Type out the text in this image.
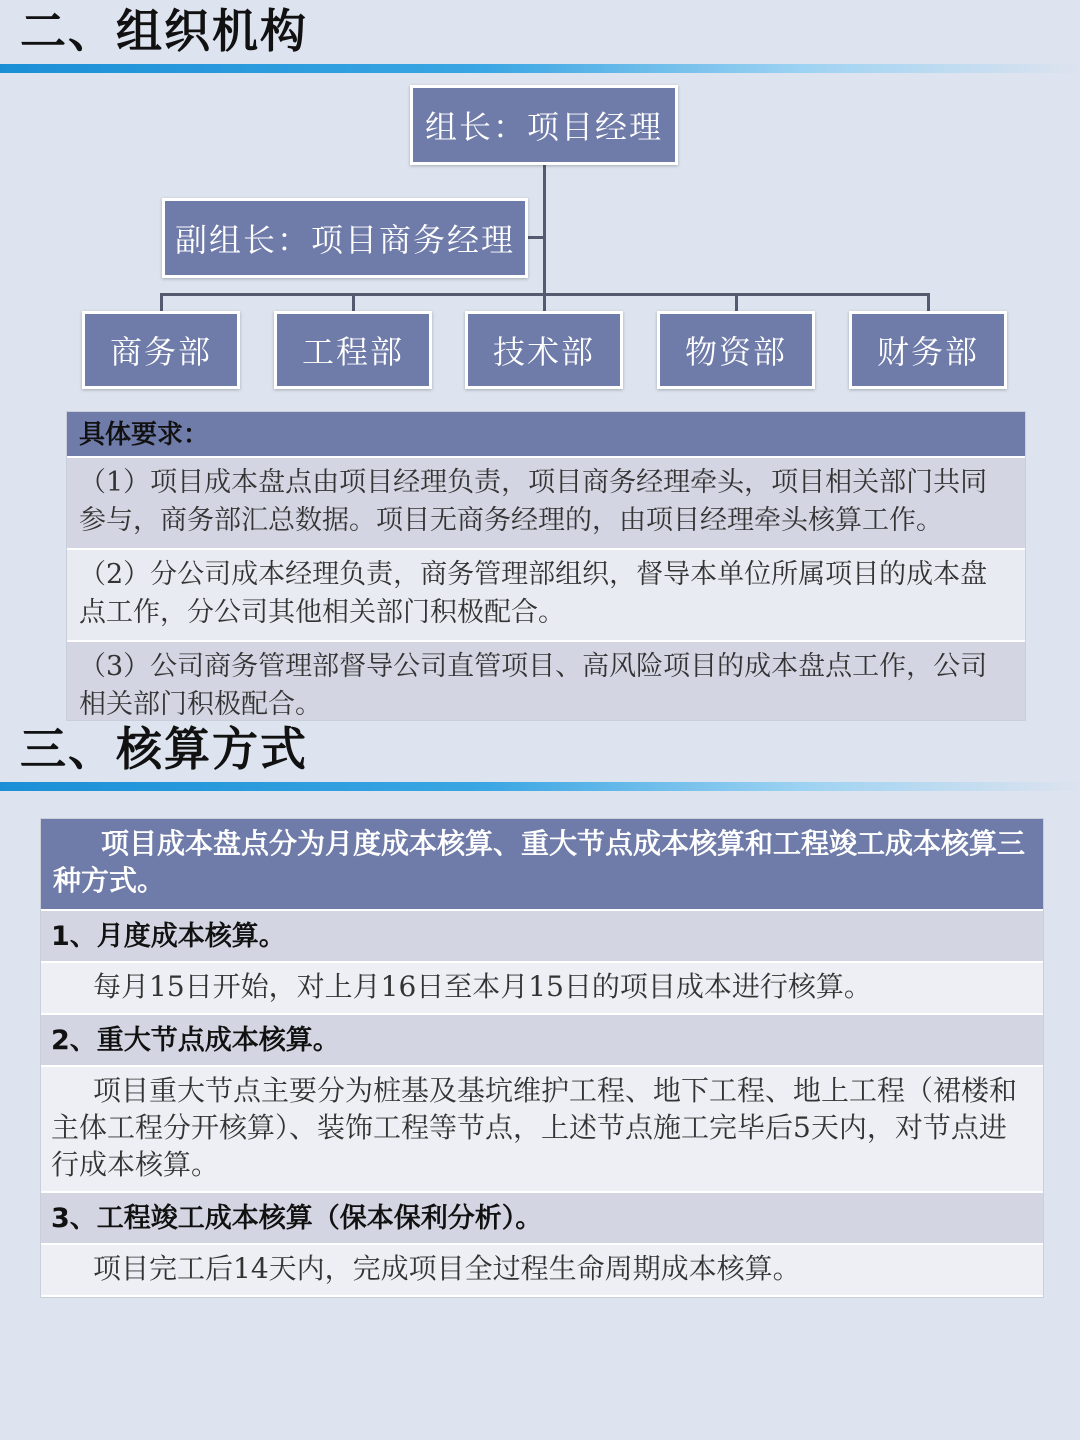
二、组织机构
组长：项目经理
副组长：项目商务经理
商务部	工程部	技术部	物资部	财务部
具体要求：
（1）项目成本盘点由项目经理负责，项目商务经理牵头，项目相关部门共同参与，商务部汇总数据。项目无商务经理的，由项目经理牵头核算工作。
（2）分公司成本经理负责，商务管理部组织，督导本单位所属项目的成本盘点工作，分公司其他相关部门积极配合。
（3）公司商务管理部督导公司直管项目、高风险项目的成本盘点工作，公司相关部门积极配合。
三、核算方式
项目成本盘点分为月度成本核算、重大节点成本核算和工程竣工成本核算三种方式。
1、月度成本核算。
每月15日开始，对上月16日至本月15日的项目成本进行核算。
2、重大节点成本核算。
项目重大节点主要分为桩基及基坑维护工程、地下工程、地上工程（裙楼和主体工程分开核算）、装饰工程等节点，上述节点施工完毕后5天内，对节点进行成本核算。
3、工程竣工成本核算（保本保利分析）。
项目完工后14天内，完成项目全过程生命周期成本核算。
